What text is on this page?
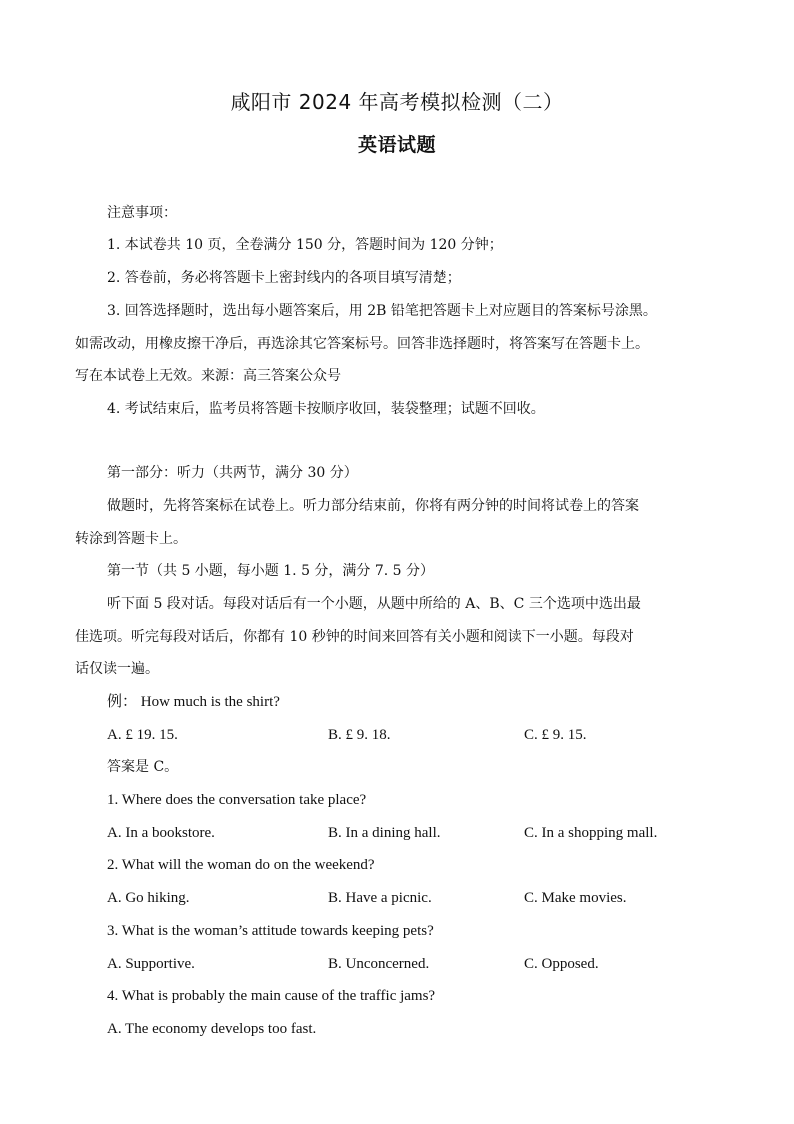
咸阳市 2024 年高考模拟检测（二）
英语试题
注意事项：
1. 本试卷共 10 页，全卷满分 150 分，答题时间为 120 分钟；
2. 答卷前，务必将答题卡上密封线内的各项目填写清楚；
3. 回答选择题时，选出每小题答案后，用 2B 铅笔把答题卡上对应题目的答案标号涂黑。
如需改动，用橡皮擦干净后，再选涂其它答案标号。回答非选择题时，将答案写在答题卡上。
写在本试卷上无效。来源：高三答案公众号
4. 考试结束后，监考员将答题卡按顺序收回，装袋整理；试题不回收。
第一部分：听力（共两节，满分 30 分）
做题时，先将答案标在试卷上。听力部分结束前，你将有两分钟的时间将试卷上的答案
转涂到答题卡上。
第一节（共 5 小题，每小题 1. 5 分，满分 7. 5 分）
听下面 5 段对话。每段对话后有一个小题，从题中所给的 A、B、C 三个选项中选出最
佳选项。听完每段对话后，你都有 10 秒钟的时间来回答有关小题和阅读下一小题。每段对
话仅读一遍。
例： How much is the shirt?
A. £ 19. 15.	B. £ 9. 18.	C. £ 9. 15.
答案是 C。
1. Where does the conversation take place?
A. In a bookstore.	B. In a dining hall.	C. In a shopping mall.
2. What will the woman do on the weekend?
A. Go hiking.	B. Have a picnic.	C. Make movies.
3. What is the woman’s attitude towards keeping pets?
A. Supportive.	B. Unconcerned.	C. Opposed.
4. What is probably the main cause of the traffic jams?
A. The economy develops too fast.
